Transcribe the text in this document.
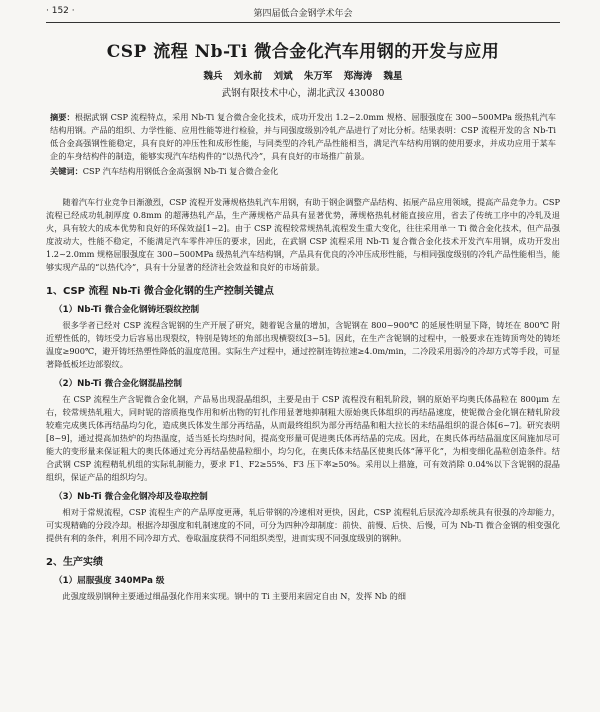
· 152 ·	第四届低合金钢学术年会
CSP 流程 Nb-Ti 微合金化汽车用钢的开发与应用
魏兵 刘永前 刘斌 朱万军 郑海涛 魏星
武钢有限技术中心，湖北武汉 430080
摘要：根据武钢 CSP 流程特点，采用 Nb-Ti 复合微合金化技术，成功开发出 1.2~2.0mm 规格、屈服强度在 300~500MPa 级热轧汽车结构用钢。产品的组织、力学性能、应用性能等进行检验，并与同强度级别冷轧产品进行了对比分析。结果表明：CSP 流程开发的含 Nb-Ti 低合金高强钢性能稳定，具有良好的冲压性和成形性能，与同类型的冷轧产品性能相当，满足汽车结构用钢的使用要求，并成功应用于某车企的车身结构件的制造，能够实现汽车结构件的“以热代冷”，具有良好的市场推广前景。
关键词：CSP 汽车结构用钢低合金高强钢 Nb-Ti 复合微合金化

随着汽车行业竞争日渐激烈，CSP 流程开发薄规格热轧汽车用钢，有助于钢企调整产品结构、拓展产品应用领域，提高产品竞争力。CSP 流程已经成功轧制厚度 0.8mm 的超薄热轧产品，生产薄规格产品具有显著优势，薄规格热轧材能直接应用，省去了传统工序中的冷轧及退火，具有较大的成本优势和良好的环保效益[1~2]。由于 CSP 流程较常规热轧流程发生重大变化，往往采用单一 Ti 微合金化技术，但产品强度波动大，性能不稳定，不能满足汽车零件冲压的要求，因此，在武钢 CSP 流程采用 Nb-Ti 复合微合金化技术开发汽车用钢，成功开发出 1.2~2.0mm 规格屈服强度在 300~500MPa 级热轧汽车结构钢，产品具有优良的冷冲压成形性能，与相同强度级别的冷轧产品性能相当，能够实现产品的“以热代冷”，具有十分显著的经济社会效益和良好的市场前景。

1、CSP 流程 Nb-Ti 微合金化钢的生产控制关键点
（1）Nb-Ti 微合金化钢铸坯裂纹控制

很多学者已经对 CSP 流程含铌钢的生产开展了研究，随着铌含量的增加，含铌钢在 800~900℃ 的延展性明显下降，铸坯在 800℃ 附近塑性低的，铸坯受力后容易出现裂纹，特别是铸坯的角部出现横裂纹[3~5]。因此，在生产含铌钢的过程中，一般要求在连铸顶弯处的铸坯温度≥900℃，避开铸坯热塑性降低的温度范围。实际生产过程中，通过控制连铸拉速≥4.0m/min，二冷段采用弱冷的冷却方式等手段，可显著降低板坯边部裂纹。

（2）Nb-Ti 微合金化钢混晶控制

在 CSP 流程生产含铌微合金化钢，产品易出现混晶组织，主要是由于 CSP 流程没有粗轧阶段，钢的原始平均奥氏体晶粒在 800μm 左右，较常规热轧粗大，同时铌的溶质拖曳作用和析出物的钉扎作用显著地抑制粗大原始奥氏体组织的再结晶速度，使铌微合金化钢在精轧阶段较难完成奥氏体再结晶均匀化，造成奥氏体发生部分再结晶，从而最终组织为部分再结晶和粗大拉长的未结晶组织的混合体[6~7]。研究表明[8~9]，通过提高加热炉的均热温度，适当延长均热时间，提高变形量可促进奥氏体再结晶的完成。因此，在奥氏体再结晶温度区间施加尽可能大的变形量来保证粗大的奥氏体通过充分再结晶使晶粒细小，均匀化，在奥氏体未结晶区使奥氏体“薄平化”，为相变细化晶粒创造条件。结合武钢 CSP 流程精轧机组的实际轧制能力，要求 F1、F2≥55%、F3 压下率≥50%。采用以上措施，可有效消除 0.04%以下含铌钢的混晶组织，保证产品的组织均匀。

（3）Nb-Ti 微合金化钢冷却及卷取控制

相对于常规流程，CSP 流程生产的产品厚度更薄，轧后带钢的冷速相对更快，因此，CSP 流程轧后层流冷却系统具有很强的冷却能力，可实现精确的分段冷却。根据冷却强度和轧制速度的不同，可分为四种冷却制度：前快、前慢、后快、后慢，可为 Nb-Ti 微合金钢的相变强化提供有利的条件，利用不同冷却方式、卷取温度获得不同组织类型，进而实现不同强度级别的钢种。

2、生产实绩
（1）屈服强度 340MPa 级

此强度级别钢种主要通过细晶强化作用来实现。钢中的 Ti 主要用来固定自由 N，发挥 Nb 的细
